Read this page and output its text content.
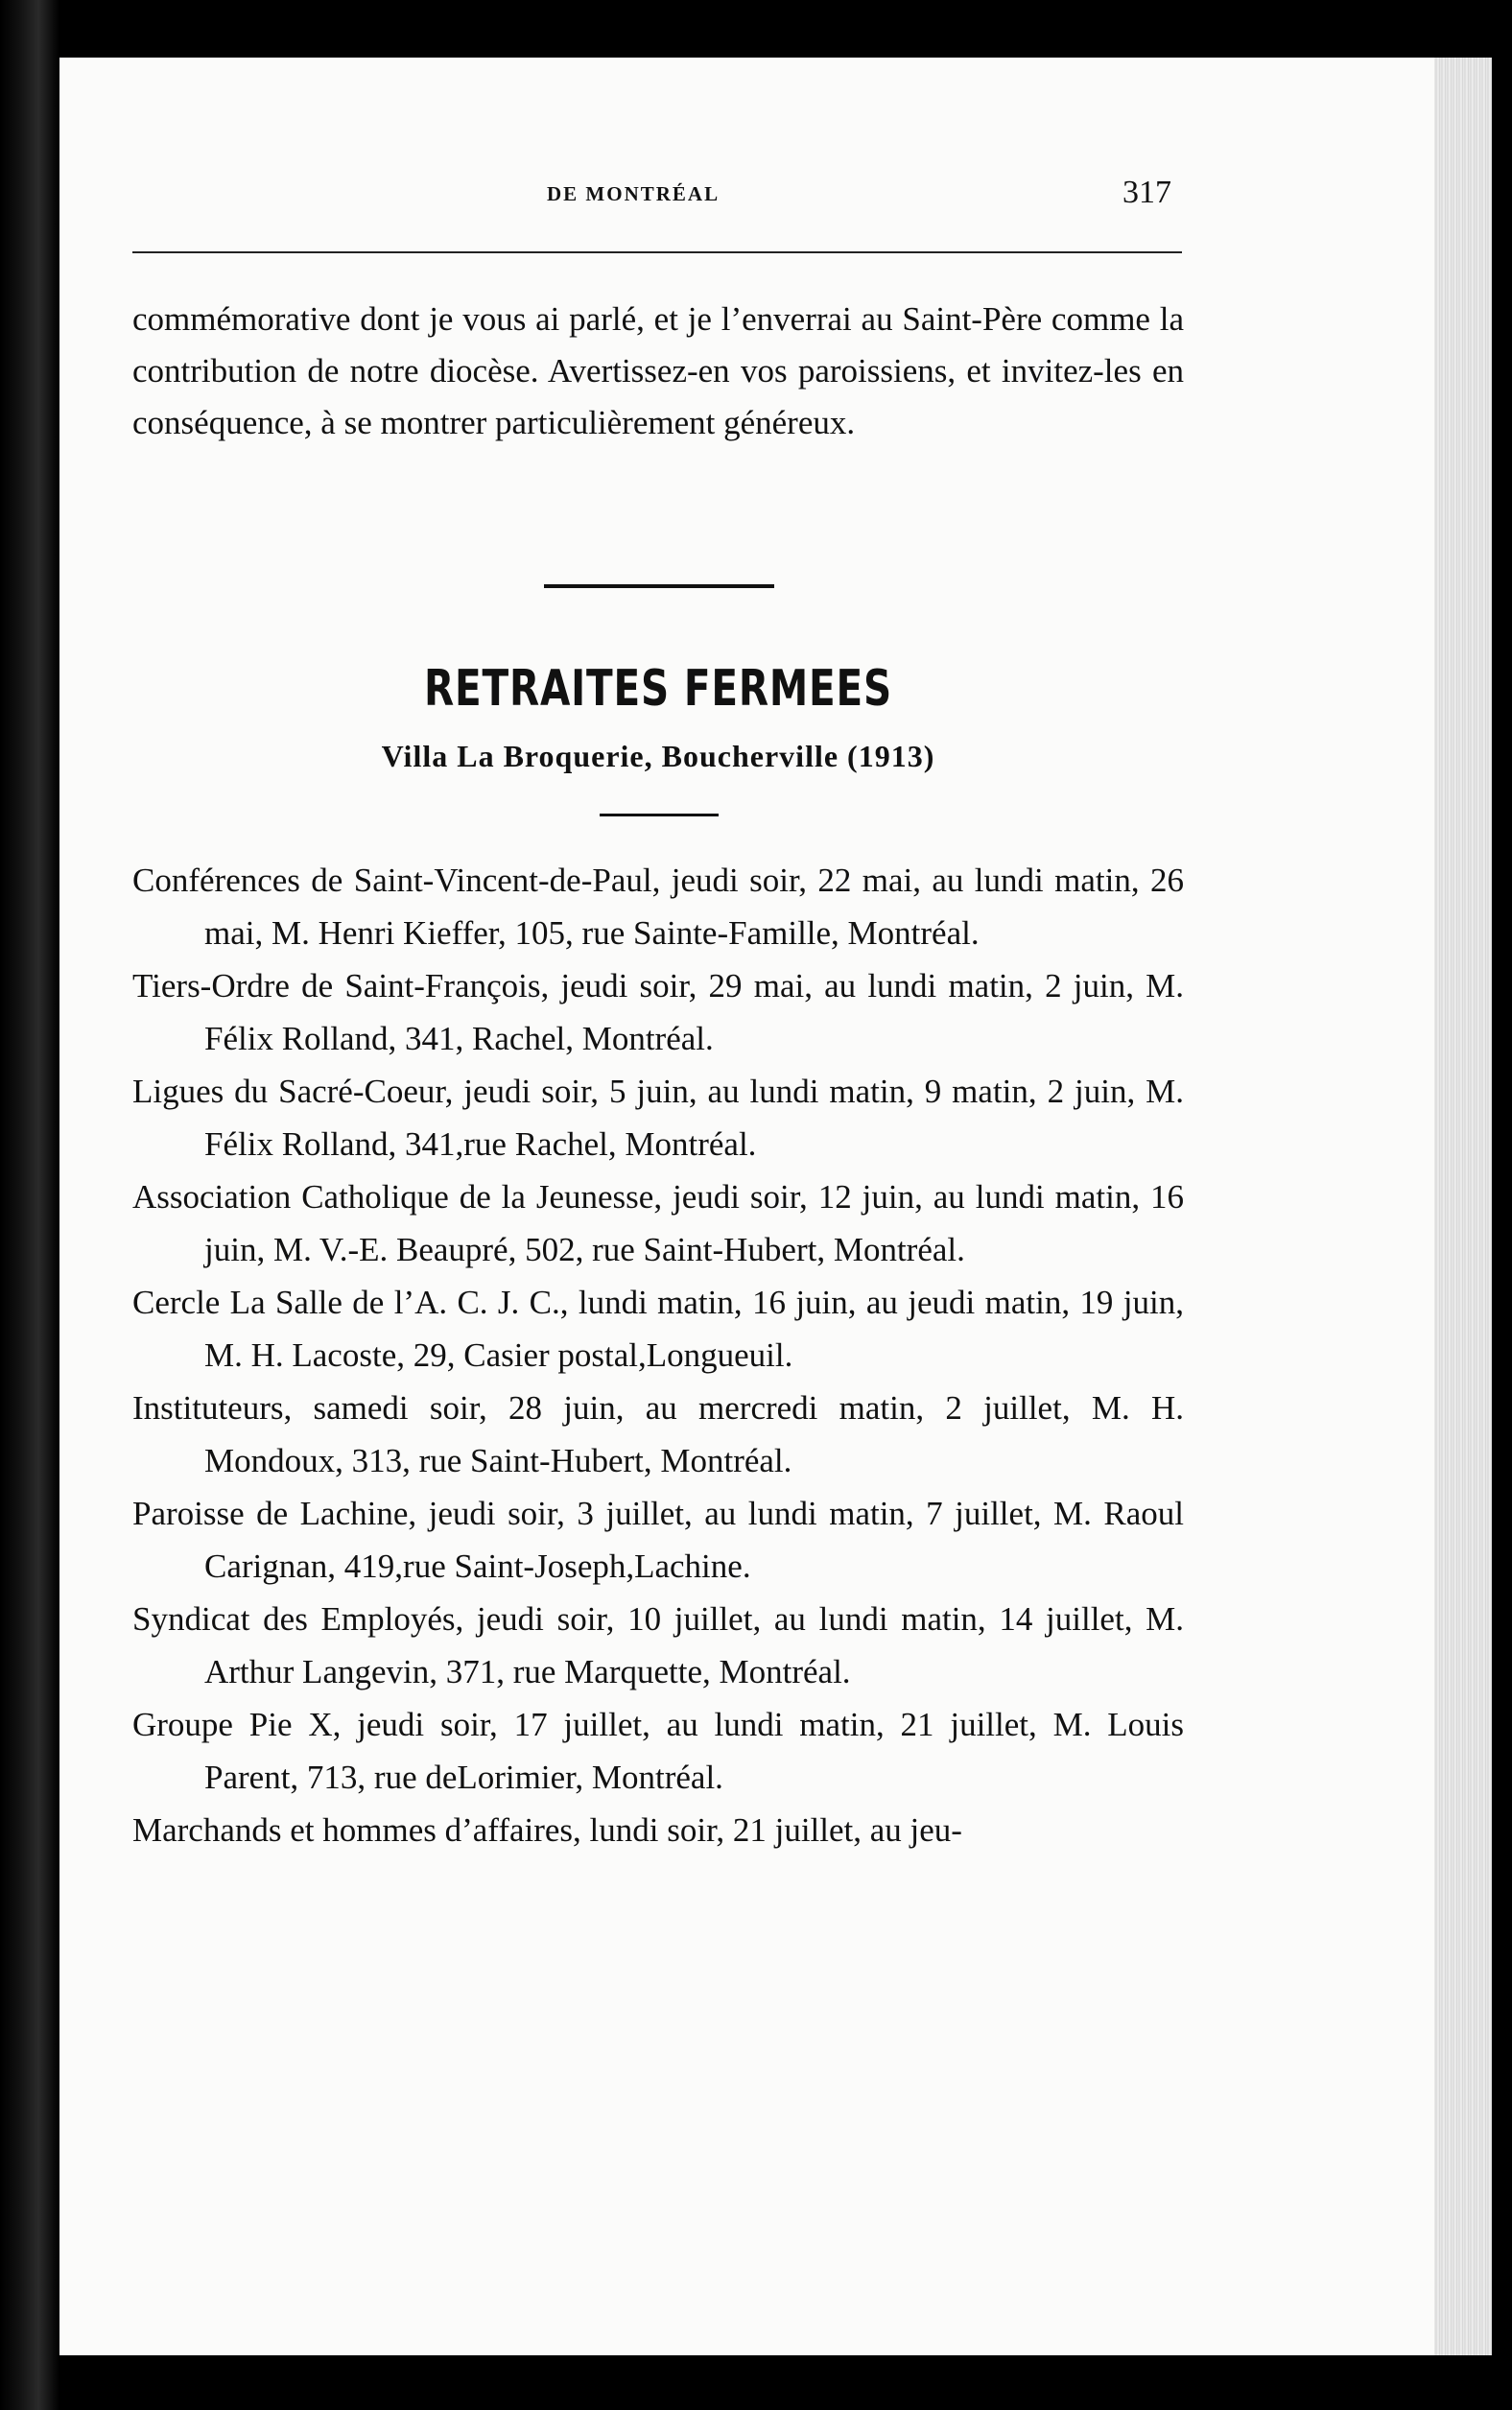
DE MONTRÉAL	317

commémorative dont je vous ai parlé, et je l’enverrai au Saint-Père comme la contribution de notre diocèse. Avertissez-en vos paroissiens, et invitez-les en conséquence, à se montrer particulièrement généreux.

RETRAITES FERMEES
Villa La Broquerie, Boucherville (1913)

Conférences de Saint-Vincent-de-Paul, jeudi soir, 22 mai, au lundi matin, 26 mai, M. Henri Kieffer, 105, rue Sainte-Famille, Montréal.

Tiers-Ordre de Saint-François, jeudi soir, 29 mai, au lundi matin, 2 juin, M. Félix Rolland, 341, Rachel, Montréal.

Ligues du Sacré-Coeur, jeudi soir, 5 juin, au lundi matin, 9 matin, 2 juin, M. Félix Rolland, 341,rue Rachel, Montréal.

Association Catholique de la Jeunesse, jeudi soir, 12 juin, au lundi matin, 16 juin, M. V.-E. Beaupré, 502, rue Saint-Hubert, Montréal.

Cercle La Salle de l’A. C. J. C., lundi matin, 16 juin, au jeudi matin, 19 juin, M. H. Lacoste, 29, Casier postal,Longueuil.

Instituteurs, samedi soir, 28 juin, au mercredi matin, 2 juillet, M. H. Mondoux, 313, rue Saint-Hubert, Montréal.

Paroisse de Lachine, jeudi soir, 3 juillet, au lundi matin, 7 juillet, M. Raoul Carignan, 419,rue Saint-Joseph,Lachine.

Syndicat des Employés, jeudi soir, 10 juillet, au lundi matin, 14 juillet, M. Arthur Langevin, 371, rue Marquette, Montréal.

Groupe Pie X, jeudi soir, 17 juillet, au lundi matin, 21 juillet, M. Louis Parent, 713, rue deLorimier, Montréal.

Marchands et hommes d’affaires, lundi soir, 21 juillet, au jeu-
